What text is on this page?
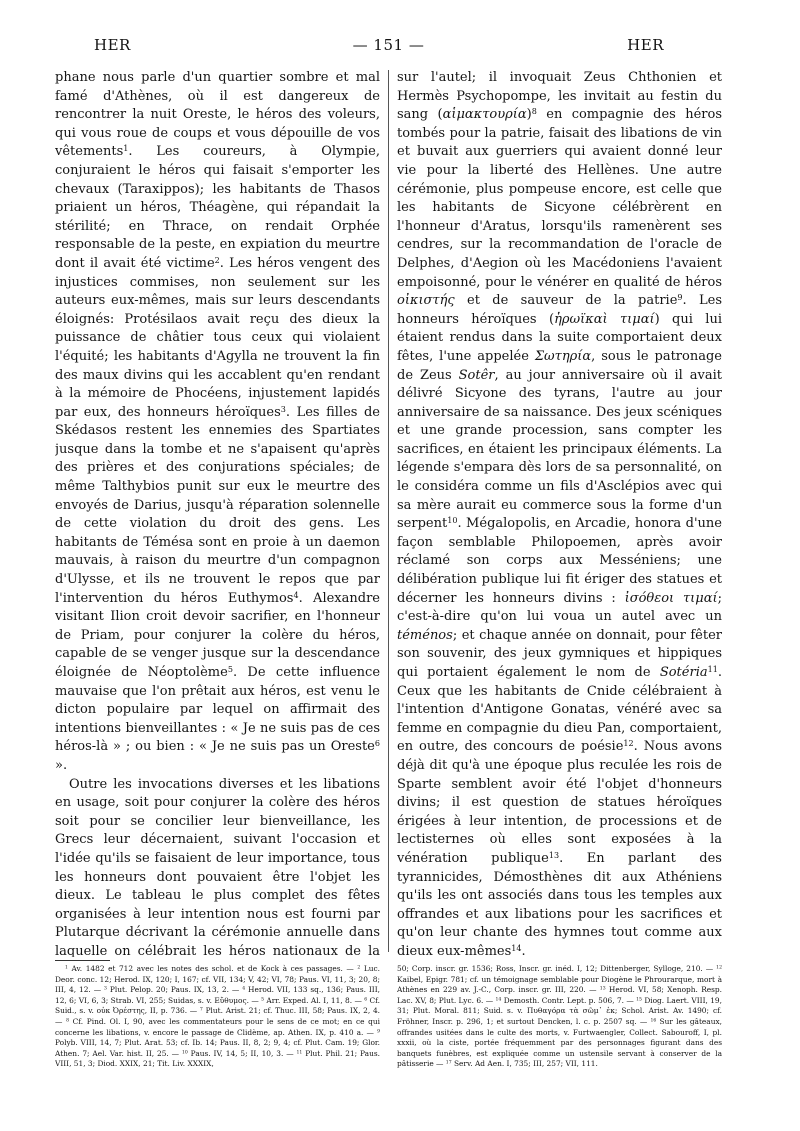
HER	— 151 —	HER

phane nous parle d'un quartier sombre et mal famé d'Athènes, où il est dangereux de rencontrer la nuit Oreste, le héros des voleurs, qui vous roue de coups et vous dépouille de vos vêtements$^1$. Les coureurs, à Olympie, conjuraient le héros qui faisait s'emporter les chevaux (Taraxippos); les habitants de Thasos priaient un héros, Théagène, qui répandait la stérilité; en Thrace, on rendait Orphée responsable de la peste, en expiation du meurtre dont il avait été victime$^2$. Les héros vengent des injustices commises, non seulement sur les auteurs eux-mêmes, mais sur leurs descendants éloignés: Protésilaos avait reçu des dieux la puissance de châtier tous ceux qui violaient l'équité; les habitants d'Agylla ne trouvent la fin des maux divins qui les accablent qu'en rendant à la mémoire de Phocéens, injustement lapidés par eux, des honneurs héroïques$^3$. Les filles de Skédasos restent les ennemies des Spartiates jusque dans la tombe et ne s'apaisent qu'après des prières et des conjurations spéciales; de même Talthybios punit sur eux le meurtre des envoyés de Darius, jusqu'à réparation solennelle de cette violation du droit des gens. Les habitants de Témésa sont en proie à un daemon mauvais, à raison du meurtre d'un compagnon d'Ulysse, et ils ne trouvent le repos que par l'intervention du héros Euthymos$^4$. Alexandre visitant Ilion croit devoir sacrifier, en l'honneur de Priam, pour conjurer la colère du héros, capable de se venger jusque sur la descendance éloignée de Néoptolème$^5$. De cette influence mauvaise que l'on prêtait aux héros, est venu le dicton populaire par lequel on affirmait des intentions bienveillantes : « Je ne suis pas de ces héros-là » ; ou bien : « Je ne suis pas un Oreste$^6$ ».

Outre les invocations diverses et les libations en usage, soit pour conjurer la colère des héros soit pour se concilier leur bienveillance, les Grecs leur décernaient, suivant l'occasion et l'idée qu'ils se faisaient de leur importance, tous les honneurs dont pouvaient être l'objet les dieux. Le tableau le plus complet des fêtes organisées à leur intention nous est fourni par Plutarque décrivant la cérémonie annuelle dans laquelle on célébrait les héros nationaux de la

sur l'autel; il invoquait Zeus Chthonien et Hermès Psychopompe, les invitait au festin du sang (αἱμακτουρία)$^8$ en compagnie des héros tombés pour la patrie, faisait des libations de vin et buvait aux guerriers qui avaient donné leur vie pour la liberté des Hellènes. Une autre cérémonie, plus pompeuse encore, est celle que les habitants de Sicyone célébrèrent en l'honneur d'Aratus, lorsqu'ils ramenèrent ses cendres, sur la recommandation de l'oracle de Delphes, d'Aegion où les Macédoniens l'avaient empoisonné, pour le vénérer en qualité de héros οἰκιστής et de sauveur de la patrie$^9$. Les honneurs héroïques (ἡρωϊκαὶ τιμαί) qui lui étaient rendus dans la suite comportaient deux fêtes, l'une appelée Σωτηρία, sous le patronage de Zeus Sotêr, au jour anniversaire où il avait délivré Sicyone des tyrans, l'autre au jour anniversaire de sa naissance. Des jeux scéniques et une grande procession, sans compter les sacrifices, en étaient les principaux éléments. La légende s'empara dès lors de sa personnalité, on le considéra comme un fils d'Asclépios avec qui sa mère aurait eu commerce sous la forme d'un serpent$^{10}$. Mégalopolis, en Arcadie, honora d'une façon semblable Philopoemen, après avoir réclamé son corps aux Messéniens; une délibération publique lui fit ériger des statues et décerner les honneurs divins : ἰσόθεοι τιμαί; c'est-à-dire qu'on lui voua un autel avec un téménos; et chaque année on donnait, pour fêter son souvenir, des jeux gymniques et hippiques qui portaient également le nom de Sotéria$^{11}$. Ceux que les habitants de Cnide célébraient à l'intention d'Antigone Gonatas, vénéré avec sa femme en compagnie du dieu Pan, comportaient, en outre, des concours de poésie$^{12}$. Nous avons déjà dit qu'à une époque plus reculée les rois de Sparte semblent avoir été l'objet d'honneurs divins; il est question de statues héroïques érigées à leur intention, de processions et de lectisternes où elles sont exposées à la vénération publique$^{13}$. En parlant des tyrannicides, Démosthènes dit aux Athéniens qu'ils les ont associés dans tous les temples aux offrandes et aux libations pour les sacrifices et qu'on leur chante des hymnes tout comme aux dieux eux-mêmes$^{14}$.

$^1$ Av. 1482 et 712 avec les notes des schol. et de Kock à ces passages. — $^2$ Luc. Deor. conc. 12; Herod. IX, 120; I, 167; cf. VII, 134; V, 42; VI, 78; Paus. VI, 11, 3; 20, 8; III, 4, 12. — $^3$ Plut. Pelop. 20; Paus. IX, 13, 2. — $^4$ Herod. VII, 133 sq., 136; Paus. III, 12, 6; VI, 6, 3; Strab. VI, 255; Suidas, s. v. Εὔθυμος. — $^5$ Arr. Exped. Al. I, 11, 8. — $^6$ Cf. Suid., s. v. οὐκ Ὀρέστης, II, p. 736. — $^7$ Plut. Arist. 21; cf. Thuc. III, 58; Paus. IX, 2, 4. — $^8$ Cf. Pind. Ol. I, 90, avec les commentateurs pour le sens de ce mot; en ce qui concerne les libations, v. encore le passage de Clidème, ap. Athen. IX, p. 410 a. — $^9$ Polyb. VIII, 14, 7; Plut. Arat. 53; cf. Ib. 14; Paus. II, 8, 2; 9, 4; cf. Plut. Cam. 19; Glor. Athen. 7; Ael. Var. hist. II, 25. — $^{10}$ Paus. IV, 14, 5; II, 10, 3. — $^{11}$ Plut. Phil. 21; Paus. VIII, 51, 3; Diod. XXIX, 21; Tit. Liv. XXXIX,

50; Corp. inscr. gr. 1536; Ross, Inscr. gr. inéd. I, 12; Dittenberger, Sylloge, 210. — $^{12}$ Kaibel, Epigr. 781; cf. un témoignage semblable pour Diogène le Phrourarque, mort à Athènes en 229 av. J.-C., Corp. inscr. gr. III, 220. — $^{13}$ Herod. VI, 58; Xenoph. Resp. Lac. XV, 8; Plut. Lyc. 6. — $^{14}$ Demosth. Contr. Lept. p. 506, 7. — $^{15}$ Diog. Laert. VIII, 19, 31; Plut. Moral. 811; Suid. s. v. Πυθαγόρα τὰ σῶμ᾽ ἐκ; Schol. Arist. Av. 1490; cf. Fröhner, Inscr. p. 296, 1; et surtout Dencken, l. c. p. 2507 sq. — $^{16}$ Sur les gâteaux, offrandes usitées dans le culte des morts, v. Furtwaengler, Collect. Sabouroff, I, pl. xxxii, où la ciste, portée fréquemment par des personnages figurant dans des banquets funèbres, est expliquée comme un ustensile servant à conserver de la pâtisserie — $^{17}$ Serv. Ad Aen. I, 735; III, 257; VII, 111.
